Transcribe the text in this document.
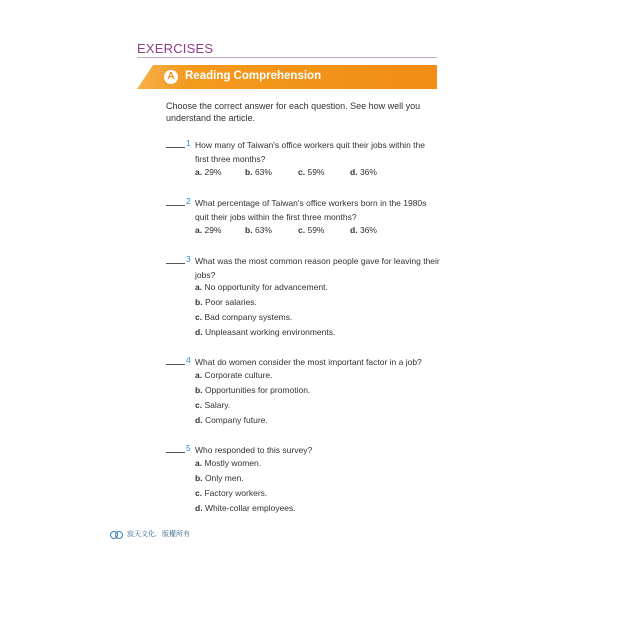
EXERCISES
A Reading Comprehension
Choose the correct answer for each question. See how well you understand the article.
1 How many of Taiwan's office workers quit their jobs within the first three months?
a. 29%	b. 63%	c. 59%	d. 36%
2 What percentage of Taiwan's office workers born in the 1980s quit their jobs within the first three months?
a. 29%	b. 63%	c. 59%	d. 36%
3 What was the most common reason people gave for leaving their jobs?
a. No opportunity for advancement.
b. Poor salaries.
c. Bad company systems.
d. Unpleasant working environments.
4 What do women consider the most important factor in a job?
a. Corporate culture.
b. Opportunities for promotion.
c. Salary.
d. Company future.
5 Who responded to this survey?
a. Mostly women.
b. Only men.
c. Factory workers.
d. White-collar employees.
寂天文化．版權所有
